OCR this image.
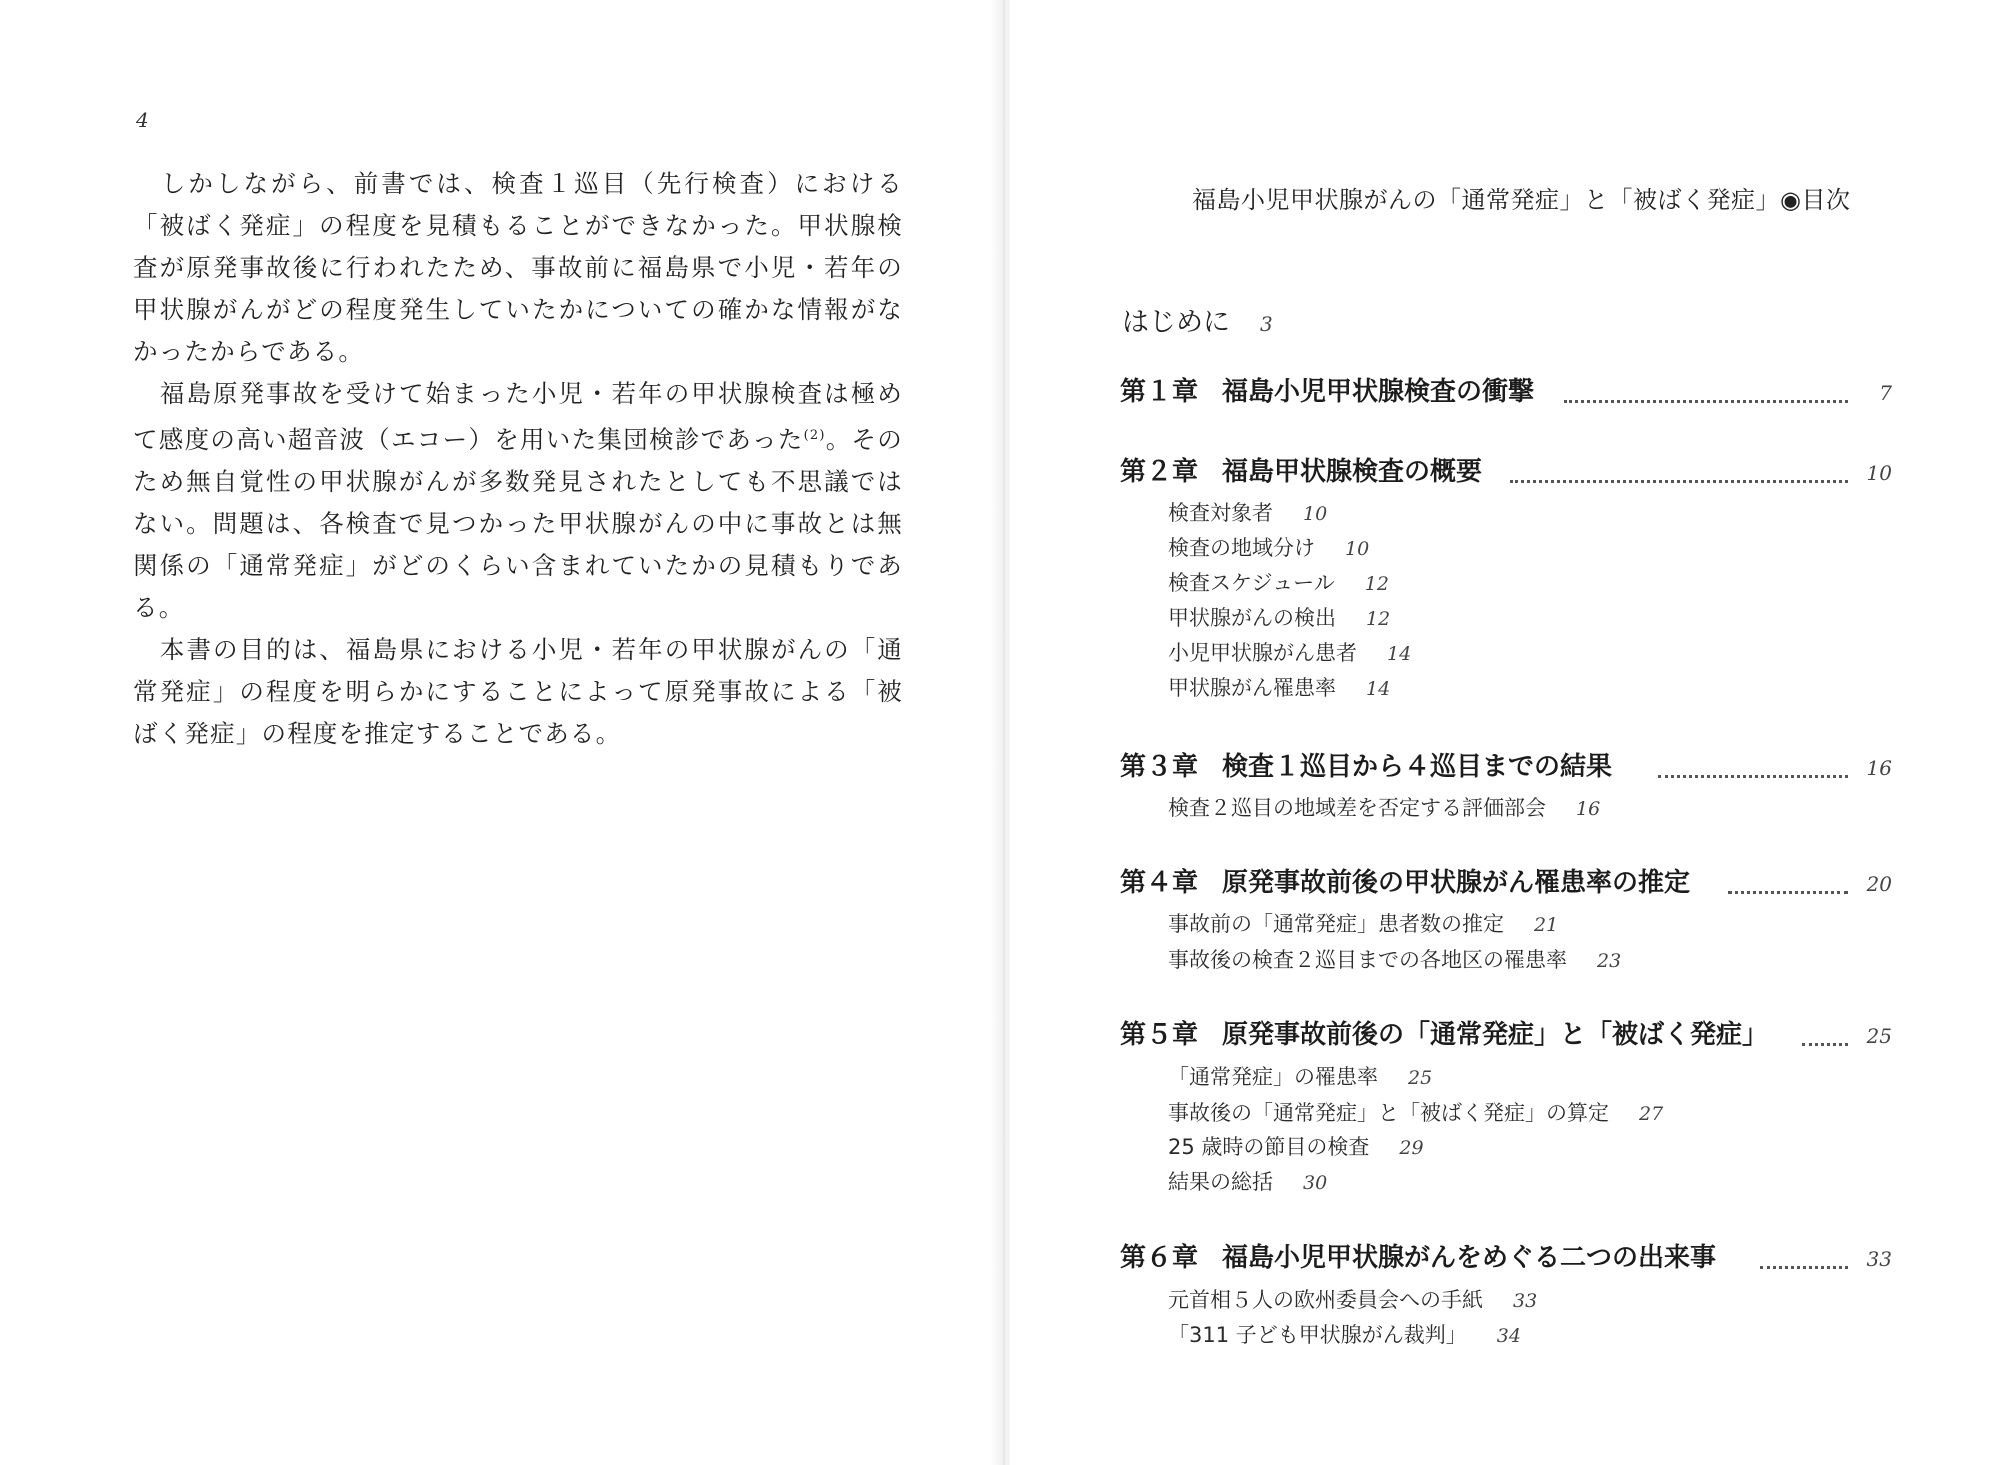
4

しかしながら、前書では、検査１巡目（先行検査）における「被ばく発症」の程度を見積もることができなかった。甲状腺検査が原発事故後に行われたため、事故前に福島県で小児・若年の甲状腺がんがどの程度発生していたかについての確かな情報がなかったからである。

福島原発事故を受けて始まった小児・若年の甲状腺検査は極めて感度の高い超音波（エコー）を用いた集団検診であった$^{(2)}$。そのため無自覚性の甲状腺がんが多数発見されたとしても不思議ではない。問題は、各検査で見つかった甲状腺がんの中に事故とは無関係の「通常発症」がどのくらい含まれていたかの見積もりである。

本書の目的は、福島県における小児・若年の甲状腺がんの「通常発症」の程度を明らかにすることによって原発事故による「被ばく発症」の程度を推定することである。

福島小児甲状腺がんの「通常発症」と「被ばく発症」◉目次
はじめに 3
第１章 福島小児甲状腺検査の衝撃	7
第２章 福島甲状腺検査の概要	10
検査対象者 10
検査の地域分け 10
検査スケジュール 12
甲状腺がんの検出 12
小児甲状腺がん患者 14
甲状腺がん罹患率 14
第３章 検査１巡目から４巡目までの結果	16
検査２巡目の地域差を否定する評価部会 16
第４章 原発事故前後の甲状腺がん罹患率の推定	20
事故前の「通常発症」患者数の推定 21
事故後の検査２巡目までの各地区の罹患率 23
第５章 原発事故前後の「通常発症」と「被ばく発症」	25
「通常発症」の罹患率 25
事故後の「通常発症」と「被ばく発症」の算定 27
25 歳時の節目の検査 29
結果の総括 30
第６章 福島小児甲状腺がんをめぐる二つの出来事	33
元首相５人の欧州委員会への手紙 33
「311 子ども甲状腺がん裁判」 34
